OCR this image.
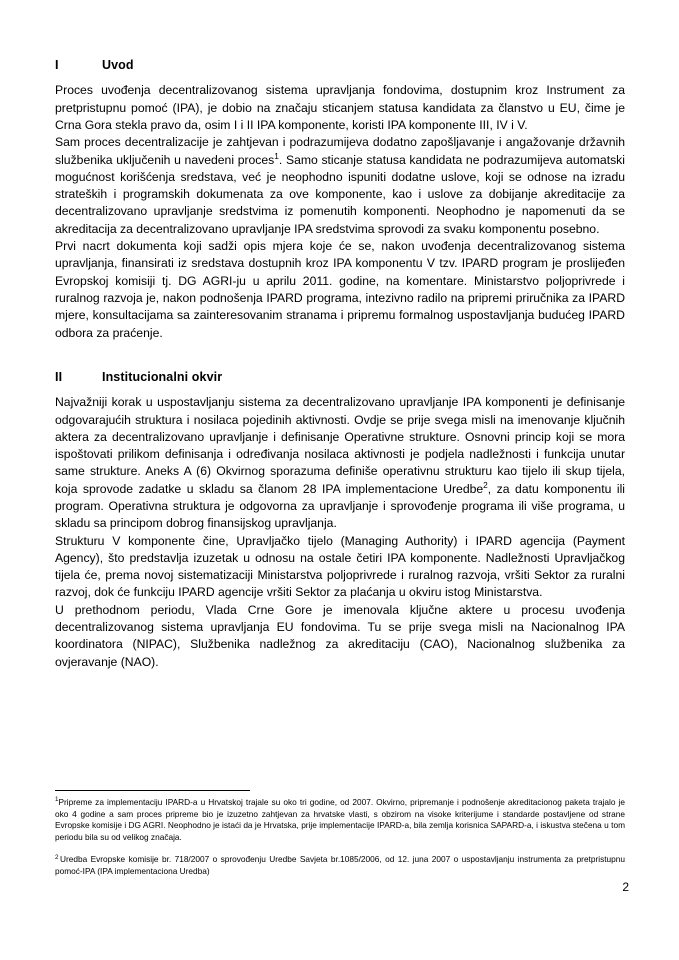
I	Uvod

Proces uvođenja decentralizovanog sistema upravljanja fondovima, dostupnim kroz Instrument za pretpristupnu pomoć (IPA), je dobio na značaju sticanjem statusa kandidata za članstvo u EU, čime je Crna Gora stekla pravo da, osim I i II IPA komponente, koristi IPA komponente III, IV i V.

Sam proces decentralizacije je zahtjevan i podrazumijeva dodatno zapošljavanje i angažovanje državnih službenika uključenih u navedeni proces$^1$. Samo sticanje statusa kandidata ne podrazumijeva automatski mogućnost korišćenja sredstava, već je neophodno ispuniti dodatne uslove, koji se odnose na izradu strateških i programskih dokumenata za ove komponente, kao i uslove za dobijanje akreditacije za decentralizovano upravljanje sredstvima iz pomenutih komponenti. Neophodno je napomenuti da se akreditacija za decentralizovano upravljanje IPA sredstvima sprovodi za svaku komponentu posebno.

Prvi nacrt dokumenta koji sadži opis mjera koje će se, nakon uvođenja decentralizovanog sistema upravljanja, finansirati iz sredstava dostupnih kroz IPA komponentu V tzv. IPARD program je proslijeđen Evropskoj komisiji tj. DG AGRI-ju u aprilu 2011. godine, na komentare. Ministarstvo poljoprivrede i ruralnog razvoja je, nakon podnošenja IPARD programa, intezivno radilo na pripremi priručnika za IPARD mjere, konsultacijama sa zainteresovanim stranama i pripremu formalnog uspostavljanja budućeg IPARD odbora za praćenje.

II	Institucionalni okvir

Najvažniji korak u uspostavljanju sistema za decentralizovano upravljanje IPA komponenti je definisanje odgovarajućih struktura i nosilaca pojedinih aktivnosti. Ovdje se prije svega misli na imenovanje ključnih aktera za decentralizovano upravljanje i definisanje Operativne strukture. Osnovni princip koji se mora ispoštovati prilikom definisanja i određivanja nosilaca aktivnosti je podjela nadležnosti i funkcija unutar same strukture. Aneks A (6) Okvirnog sporazuma definiše operativnu strukturu kao tijelo ili skup tijela, koja sprovode zadatke u skladu sa članom 28 IPA implementacione Uredbe$^2$, za datu komponentu ili program. Operativna struktura je odgovorna za upravljanje i sprovođenje programa ili više programa, u skladu sa principom dobrog finansijskog upravljanja.

Strukturu V komponente čine, Upravljačko tijelo (Managing Authority) i IPARD agencija (Payment Agency), što predstavlja izuzetak u odnosu na ostale četiri IPA komponente. Nadležnosti Upravljačkog tijela će, prema novoj sistematizaciji Ministarstva poljoprivrede i ruralnog razvoja, vršiti Sektor za ruralni razvoj, dok će funkciju IPARD agencije vršiti Sektor za plaćanja u okviru istog Ministarstva.

U prethodnom periodu, Vlada Crne Gore je imenovala ključne aktere u procesu uvođenja decentralizovanog sistema upravljanja EU fondovima. Tu se prije svega misli na Nacionalnog IPA koordinatora (NIPAC), Službenika nadležnog za akreditaciju (CAO), Nacionalnog službenika za ovjeravanje (NAO).

$^1$Pripreme za implementaciju IPARD-a u Hrvatskoj trajale su oko tri godine, od 2007. Okvirno, pripremanje i podnošenje akreditacionog paketa trajalo je oko 4 godine a sam proces pripreme bio je izuzetno zahtjevan za hrvatske vlasti, s obzirom na visoke kriterijume i standarde postavljene od strane Evropske komisije i DG AGRI. Neophodno je istaći da je Hrvatska, prije implementacije IPARD-a, bila zemlja korisnica SAPARD-a, i iskustva stečena u tom periodu bila su od velikog značaja.

$^2$ Uredba Evropske komisije br. 718/2007 o sprovođenju Uredbe Savjeta br.1085/2006, od 12. juna 2007 o uspostavljanju instrumenta za pretpristupnu pomoć-IPA (IPA implementaciona Uredba)

2
